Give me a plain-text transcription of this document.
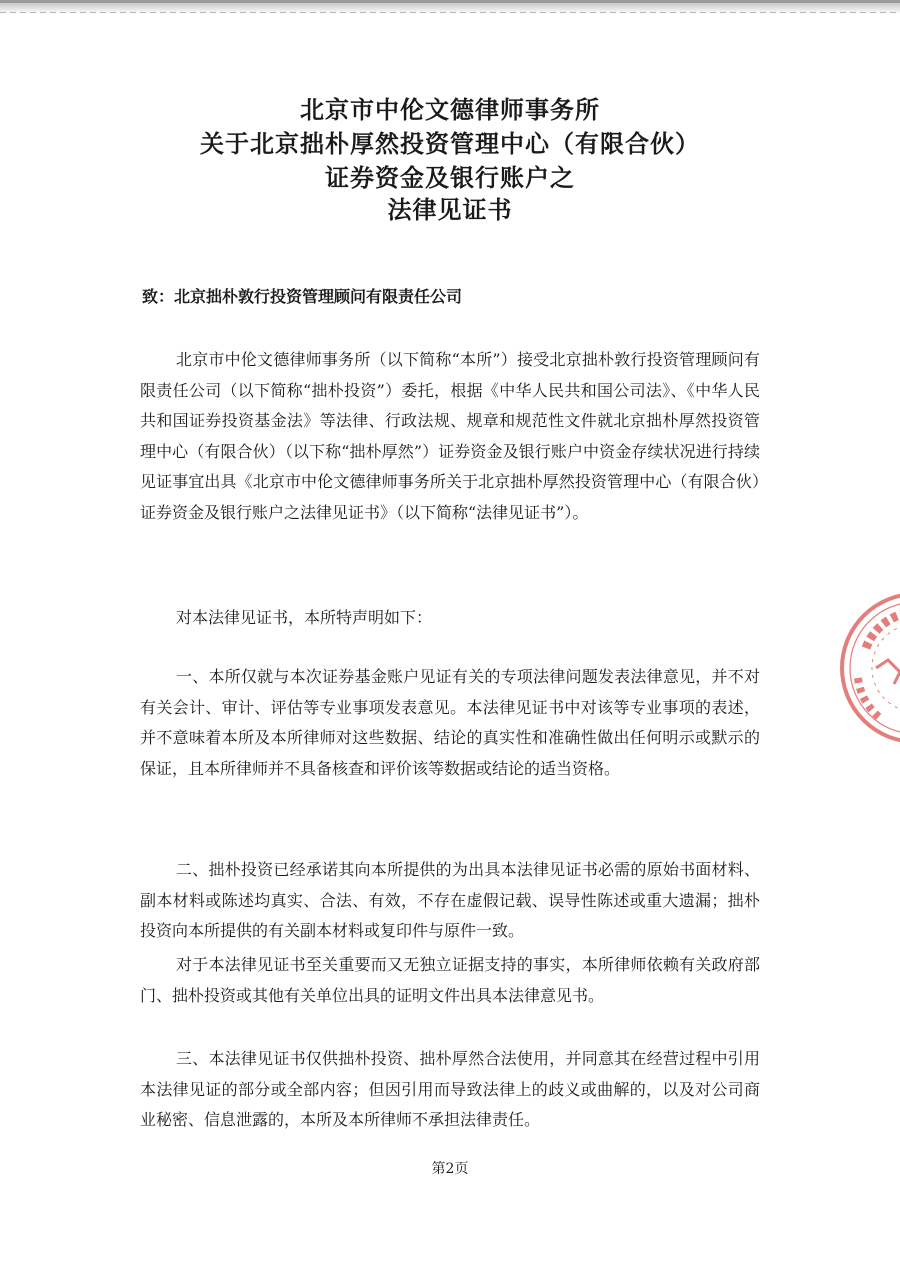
北京市中伦文德律师事务所
关于北京拙朴厚然投资管理中心（有限合伙）
证券资金及银行账户之
法律见证书
致：北京拙朴敦行投资管理顾问有限责任公司
北京市中伦文德律师事务所（以下简称“本所”）接受北京拙朴敦行投资管理顾问有限责任公司（以下简称“拙朴投资”）委托，根据《中华人民共和国公司法》、《中华人民共和国证券投资基金法》等法律、行政法规、规章和规范性文件就北京拙朴厚然投资管理中心（有限合伙）（以下称“拙朴厚然”）证券资金及银行账户中资金存续状况进行持续见证事宜出具《北京市中伦文德律师事务所关于北京拙朴厚然投资管理中心（有限合伙）证券资金及银行账户之法律见证书》（以下简称“法律见证书”）。
对本法律见证书，本所特声明如下：
一、本所仅就与本次证券基金账户见证有关的专项法律问题发表法律意见，并不对有关会计、审计、评估等专业事项发表意见。本法律见证书中对该等专业事项的表述，并不意味着本所及本所律师对这些数据、结论的真实性和准确性做出任何明示或默示的保证，且本所律师并不具备核查和评价该等数据或结论的适当资格。
二、拙朴投资已经承诺其向本所提供的为出具本法律见证书必需的原始书面材料、副本材料或陈述均真实、合法、有效，不存在虚假记载、误导性陈述或重大遗漏；拙朴投资向本所提供的有关副本材料或复印件与原件一致。
对于本法律见证书至关重要而又无独立证据支持的事实，本所律师依赖有关政府部门、拙朴投资或其他有关单位出具的证明文件出具本法律意见书。
三、本法律见证书仅供拙朴投资、拙朴厚然合法使用，并同意其在经营过程中引用本法律见证的部分或全部内容；但因引用而导致法律上的歧义或曲解的，以及对公司商业秘密、信息泄露的，本所及本所律师不承担法律责任。
第2页
